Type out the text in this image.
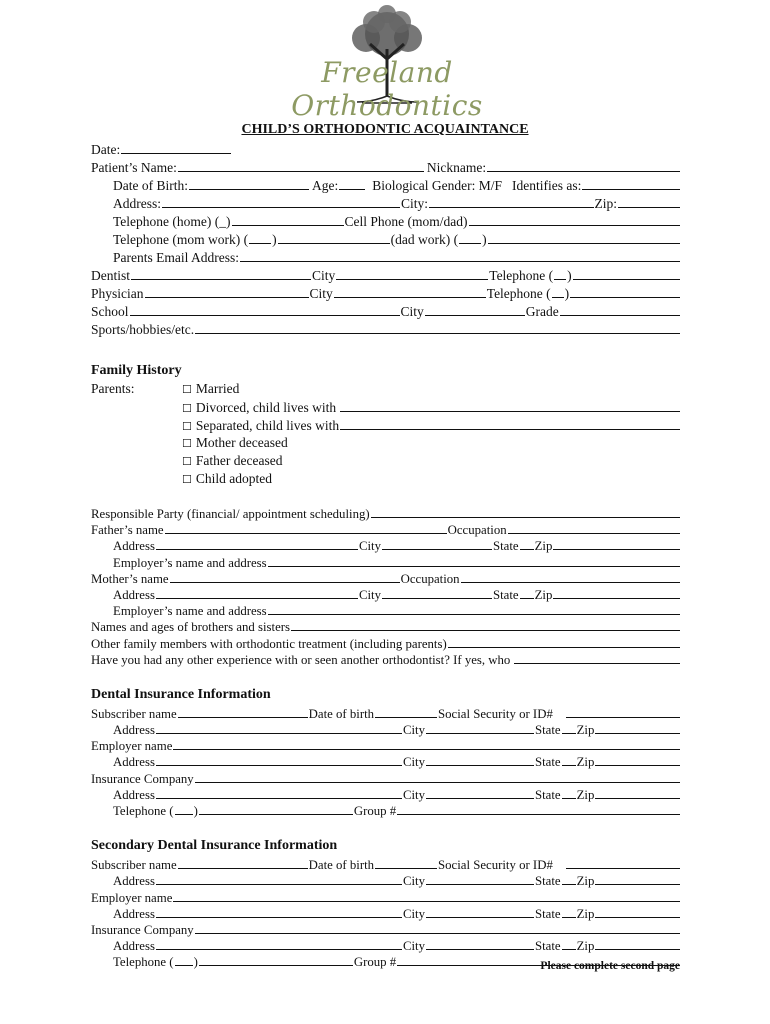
Freeland Orthodontics
CHILD’S ORTHODONTIC ACQUAINTANCE
Date:
Patient’s Name:	Nickname:
Date of Birth:	Age:	Biological Gender: M/F Identifies as:
Address:	City:	Zip:
Telephone (home) (_)	Cell Phone (mom/dad)
Telephone (mom work) ( )	(dad work) ( )
Parents Email Address:
Dentist	City	Telephone ( )
Physician	City	Telephone ( )
School	City	Grade
Sports/hobbies/etc.
Family History
Parents:	☐ Married
☐ Divorced, child lives with
☐ Separated, child lives with
☐ Mother deceased
☐ Father deceased
☐ Child adopted
Responsible Party (financial/ appointment scheduling)
Father’s name	Occupation
Address	City	State Zip
Employer’s name and address
Mother’s name	Occupation
Address	City	State Zip
Employer’s name and address
Names and ages of brothers and sisters
Other family members with orthodontic treatment (including parents)
Have you had any other experience with or seen another orthodontist? If yes, who
Dental Insurance Information
Subscriber name	Date of birth	Social Security or ID#
Address	City	State Zip
Employer name
Address	City	State Zip
Insurance Company
Address	City	State Zip
Telephone ( )	Group #
Secondary Dental Insurance Information
Subscriber name	Date of birth	Social Security or ID#
Address	City	State Zip
Employer name
Address	City	State Zip
Insurance Company
Address	City	State Zip
Telephone ( )	Group #	Please complete second page
